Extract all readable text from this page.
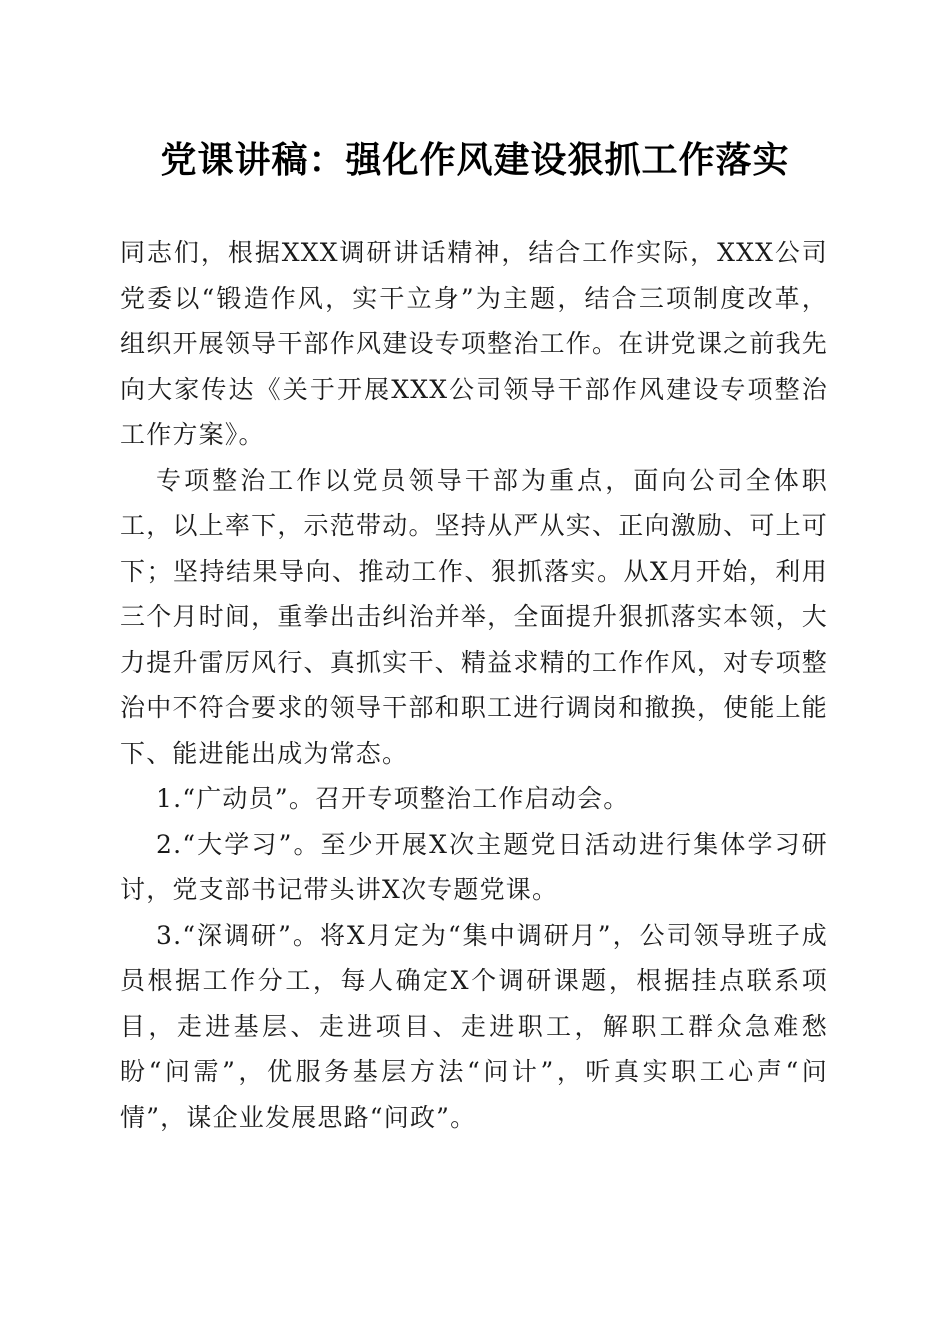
党课讲稿：强化作风建设狠抓工作落实

同志们，根据XXX调研讲话精神，结合工作实际，XXX公司党委以“锻造作风，实干立身”为主题，结合三项制度改革，组织开展领导干部作风建设专项整治工作。在讲党课之前我先向大家传达《关于开展XXX公司领导干部作风建设专项整治工作方案》。

专项整治工作以党员领导干部为重点，面向公司全体职工，以上率下，示范带动。坚持从严从实、正向激励、可上可下；坚持结果导向、推动工作、狠抓落实。从X月开始，利用三个月时间，重拳出击纠治并举，全面提升狠抓落实本领，大力提升雷厉风行、真抓实干、精益求精的工作作风，对专项整治中不符合要求的领导干部和职工进行调岗和撤换，使能上能下、能进能出成为常态。

1.“广动员”。召开专项整治工作启动会。

2.“大学习”。至少开展X次主题党日活动进行集体学习研讨，党支部书记带头讲X次专题党课。

3.“深调研”。将X月定为“集中调研月”，公司领导班子成员根据工作分工，每人确定X个调研课题，根据挂点联系项目，走进基层、走进项目、走进职工，解职工群众急难愁盼“问需”，优服务基层方法“问计”，听真实职工心声“问情”，谋企业发展思路“问政”。
